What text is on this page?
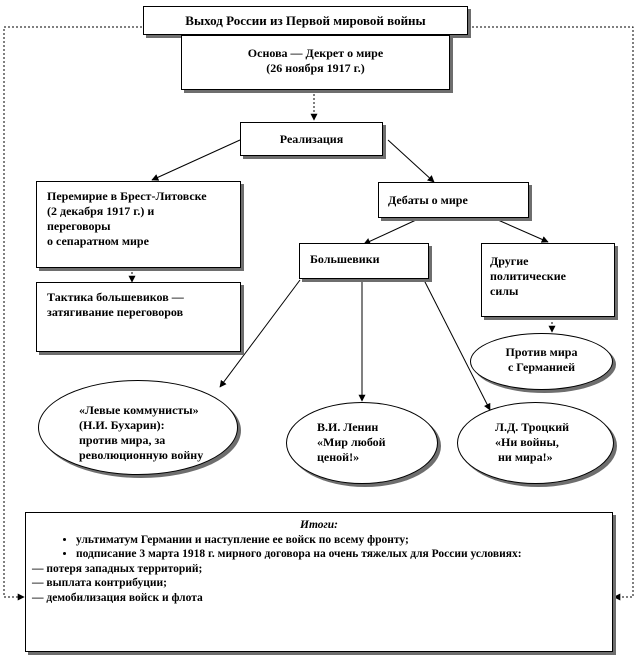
Выход России из Первой мировой войны
Основа — Декрет о мире
(26 ноября 1917 г.)
Реализация
Перемирие в Брест-Литовске
(2 декабря 1917 г.) и
переговоры
о сепаратном мире
Дебаты о мире
Тактика большевиков —
затягивание переговоров
Большевики	Другие
политические
силы
Против мира
с Германией
«Левые коммунисты»
(Н.И. Бухарин):
против мира, за
революционную войну
В.И. Ленин
«Мир любой
ценой!»
Л.Д. Троцкий
«Ни войны,
ни мира!»
Итоги:
• ультиматум Германии и наступление ее войск по всему фронту;
• подписание 3 марта 1918 г. мирного договора на очень тяжелых для России условиях:
— потеря западных территорий;
— выплата контрибуции;
— демобилизация войск и флота
